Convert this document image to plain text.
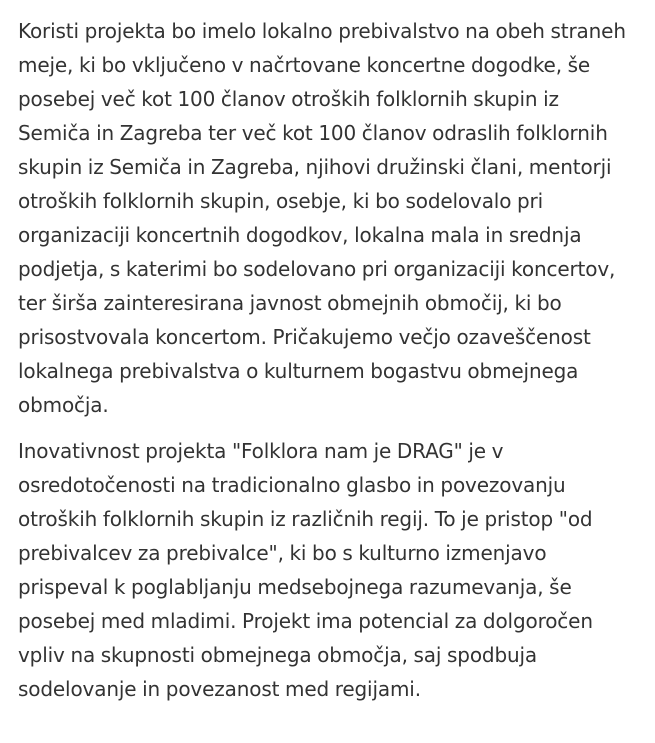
Koristi projekta bo imelo lokalno prebivalstvo na obeh straneh meje, ki bo vključeno v načrtovane koncertne dogodke, še posebej več kot 100 članov otroških folklornih skupin iz Semiča in Zagreba ter več kot 100 članov odraslih folklornih skupin iz Semiča in Zagreba, njihovi družinski člani, mentorji otroških folklornih skupin, osebje, ki bo sodelovalo pri organizaciji koncertnih dogodkov, lokalna mala in srednja podjetja, s katerimi bo sodelovano pri organizaciji koncertov, ter širša zainteresirana javnost obmejnih območij, ki bo prisostvovala koncertom. Pričakujemo večjo ozaveščenost lokalnega prebivalstva o kulturnem bogastvu obmejnega območja.

Inovativnost projekta "Folklora nam je DRAG" je v osredotočenosti na tradicionalno glasbo in povezovanju otroških folklornih skupin iz različnih regij. To je pristop "od prebivalcev za prebivalce", ki bo s kulturno izmenjavo prispeval k poglabljanju medsebojnega razumevanja, še posebej med mladimi. Projekt ima potencial za dolgoročen vpliv na skupnosti obmejnega območja, saj spodbuja sodelovanje in povezanost med regijami.
